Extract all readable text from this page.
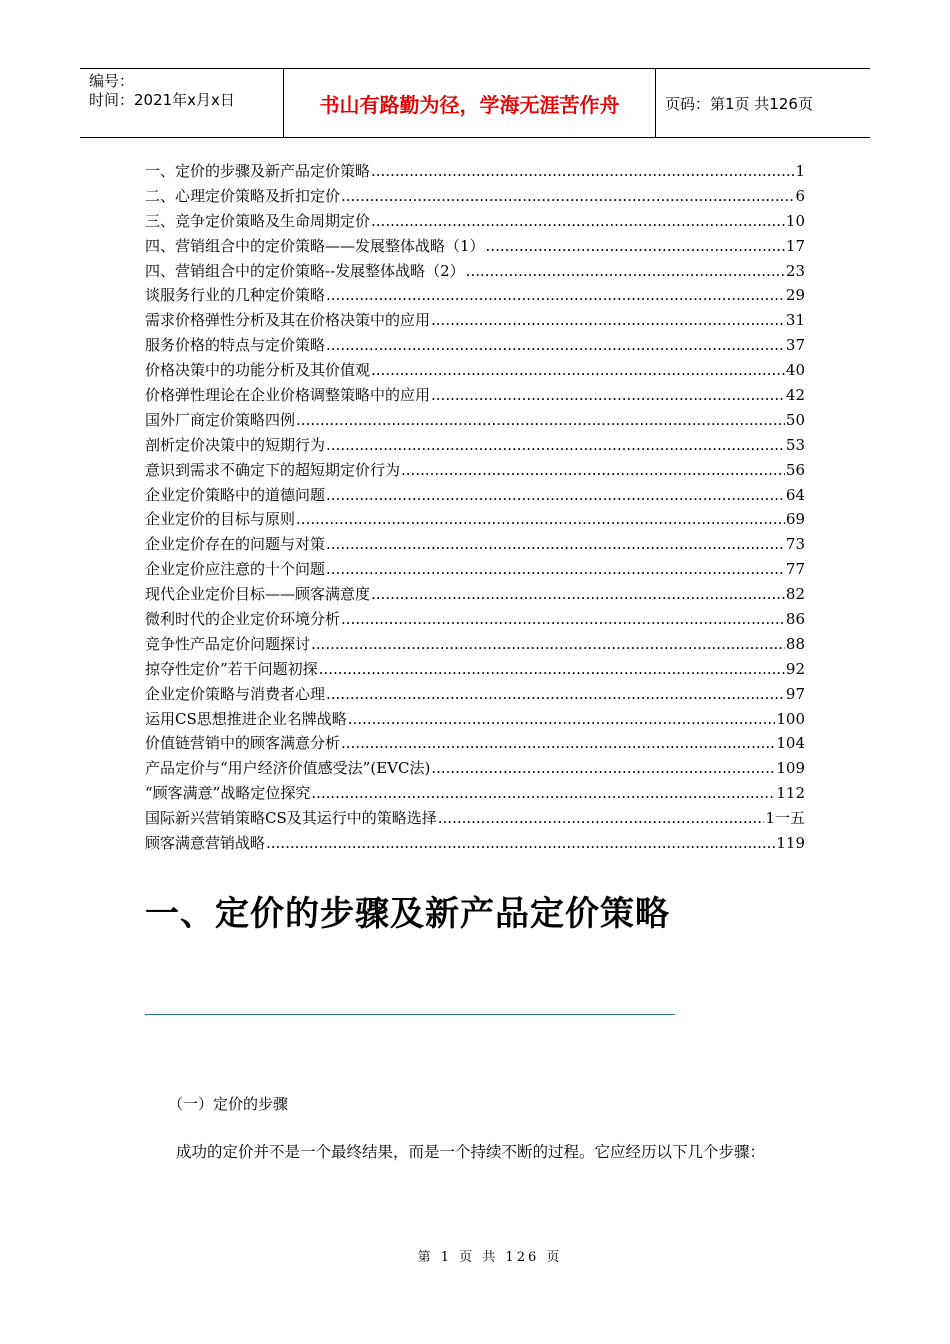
编号：
时间：2021年x月x日	书山有路勤为径，学海无涯苦作舟	页码：第1页 共126页
一、定价的步骤及新产品定价策略 .....	1
二、心理定价策略及折扣定价 .....	6
三、竞争定价策略及生命周期定价 .....	10
四、营销组合中的定价策略——发展整体战略（1） .....	17
四、营销组合中的定价策略--发展整体战略（2） .....	23
谈服务行业的几种定价策略 .....	29
需求价格弹性分析及其在价格决策中的应用 .....	31
服务价格的特点与定价策略 .....	37
价格决策中的功能分析及其价值观 .....	40
价格弹性理论在企业价格调整策略中的应用 .....	42
国外厂商定价策略四例 .....	50
剖析定价决策中的短期行为 .....	53
意识到需求不确定下的超短期定价行为 .....	56
企业定价策略中的道德问题 .....	64
企业定价的目标与原则 .....	69
企业定价存在的问题与对策 .....	73
企业定价应注意的十个问题 .....	77
现代企业定价目标——顾客满意度 .....	82
微利时代的企业定价环境分析 .....	86
竞争性产品定价问题探讨 .....	88
掠夺性定价”若干问题初探 .....	92
企业定价策略与消费者心理 .....	97
运用CS思想推进企业名牌战略 .....	100
价值链营销中的顾客满意分析 .....	104
产品定价与“用户经济价值感受法”(EVC法) .....	109
“顾客满意”战略定位探究 .....	112
国际新兴营销策略CS及其运行中的策略选择 .....	1一五
顾客满意营销战略 .....	119
一、定价的步骤及新产品定价策略
（一）定价的步骤
成功的定价并不是一个最终结果，而是一个持续不断的过程。它应经历以下几个步骤：
第 1 页 共 126 页
